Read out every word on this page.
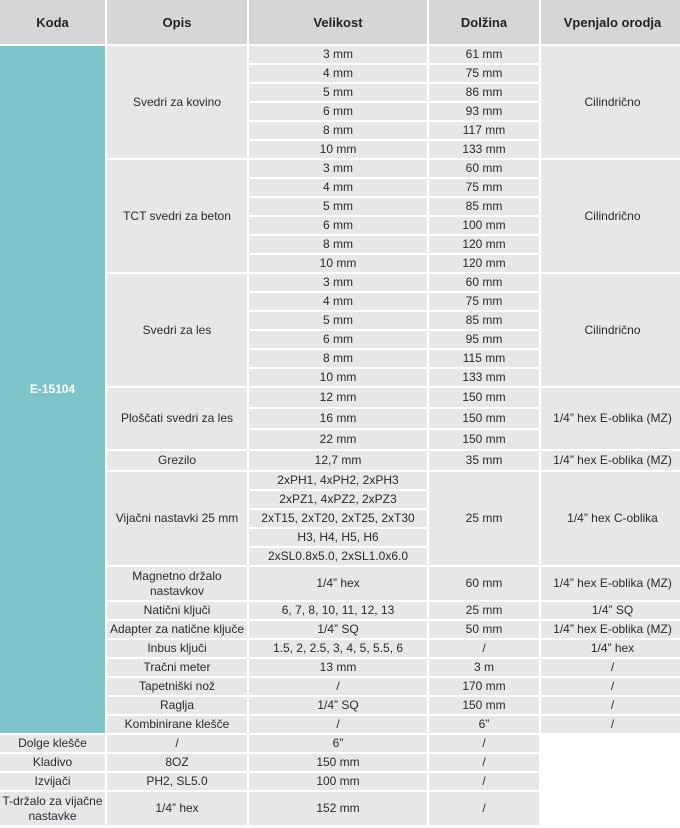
Koda	Opis	Velikost	Dolžina	Vpenjalo orodja
E-15104	Svedri za kovino	3 mm	61 mm	Cilindrično
		4 mm	75 mm	
		5 mm	86 mm	
		6 mm	93 mm	
		8 mm	117 mm	
		10 mm	133 mm	
	TCT svedri za beton	3 mm	60 mm	Cilindrično
		4 mm	75 mm	
		5 mm	85 mm	
		6 mm	100 mm	
		8 mm	120 mm	
		10 mm	120 mm	
	Svedri za les	3 mm	60 mm	Cilindrično
		4 mm	75 mm	
		5 mm	85 mm	
		6 mm	95 mm	
		8 mm	115 mm	
		10 mm	133 mm	
	Ploščati svedri za les	12 mm	150 mm	1/4” hex E-oblika (MZ)
		16 mm	150 mm	
		22 mm	150 mm	
	Grezilo	12,7 mm	35 mm	1/4” hex E-oblika (MZ)
	Vijačni nastavki 25 mm	2xPH1, 4xPH2, 2xPH3	25 mm	1/4” hex C-oblika
		2xPZ1, 4xPZ2, 2xPZ3		
		2xT15, 2xT20, 2xT25, 2xT30		
		H3, H4, H5, H6		
		2xSL0.8x5.0, 2xSL1.0x6.0		
	Magnetno držalo nastavkov	1/4” hex	60 mm	1/4” hex E-oblika (MZ)
	Natični ključi	6, 7, 8, 10, 11, 12, 13	25 mm	1/4” SQ
	Adapter za natične ključe	1/4” SQ	50 mm	1/4” hex E-oblika (MZ)
	Inbus ključi	1.5, 2, 2.5, 3, 4, 5, 5.5, 6	/	1/4” hex
	Tračni meter	13 mm	3 m	/
	Tapetniški nož	/	170 mm	/
	Raglja	1/4” SQ	150 mm	/
	Kombinirane klešče	/	6”	/
Dolge klešče	/	6”	/	
Kladivo	8OZ	150 mm	/	
Izvijači	PH2, SL5.0	100 mm	/	
T-držalo za vijačne nastavke	1/4” hex	152 mm	/	
